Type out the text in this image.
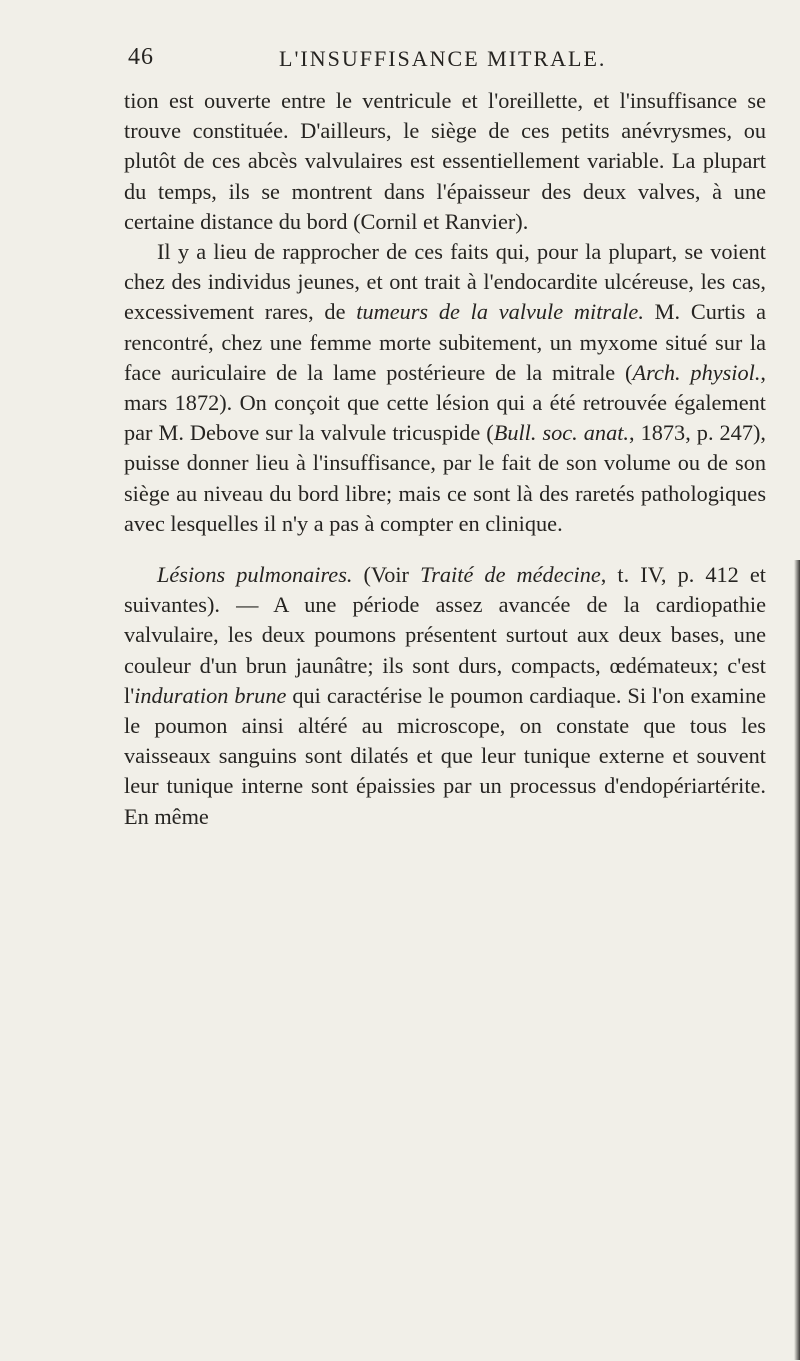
46	L'INSUFFISANCE MITRALE.

tion est ouverte entre le ventricule et l'oreillette, et l'insuffisance se trouve constituée. D'ailleurs, le siège de ces petits anévrysmes, ou plutôt de ces abcès valvulaires est essentiellement variable. La plupart du temps, ils se montrent dans l'épaisseur des deux valves, à une certaine distance du bord (Cornil et Ranvier).

Il y a lieu de rapprocher de ces faits qui, pour la plupart, se voient chez des individus jeunes, et ont trait à l'endocardite ulcéreuse, les cas, excessivement rares, de tumeurs de la valvule mitrale. M. Curtis a rencontré, chez une femme morte subitement, un myxome situé sur la face auriculaire de la lame postérieure de la mitrale (Arch. physiol., mars 1872). On conçoit que cette lésion qui a été retrouvée également par M. Debove sur la valvule tricuspide (Bull. soc. anat., 1873, p. 247), puisse donner lieu à l'insuffisance, par le fait de son volume ou de son siège au niveau du bord libre; mais ce sont là des raretés pathologiques avec lesquelles il n'y a pas à compter en clinique.

Lésions pulmonaires. (Voir Traité de médecine, t. IV, p. 412 et suivantes). — A une période assez avancée de la cardiopathie valvulaire, les deux poumons présentent surtout aux deux bases, une couleur d'un brun jaunâtre; ils sont durs, compacts, œdémateux; c'est l'induration brune qui caractérise le poumon cardiaque. Si l'on examine le poumon ainsi altéré au microscope, on constate que tous les vaisseaux sanguins sont dilatés et que leur tunique externe et souvent leur tunique interne sont épaissies par un processus d'endopériartérite. En même
